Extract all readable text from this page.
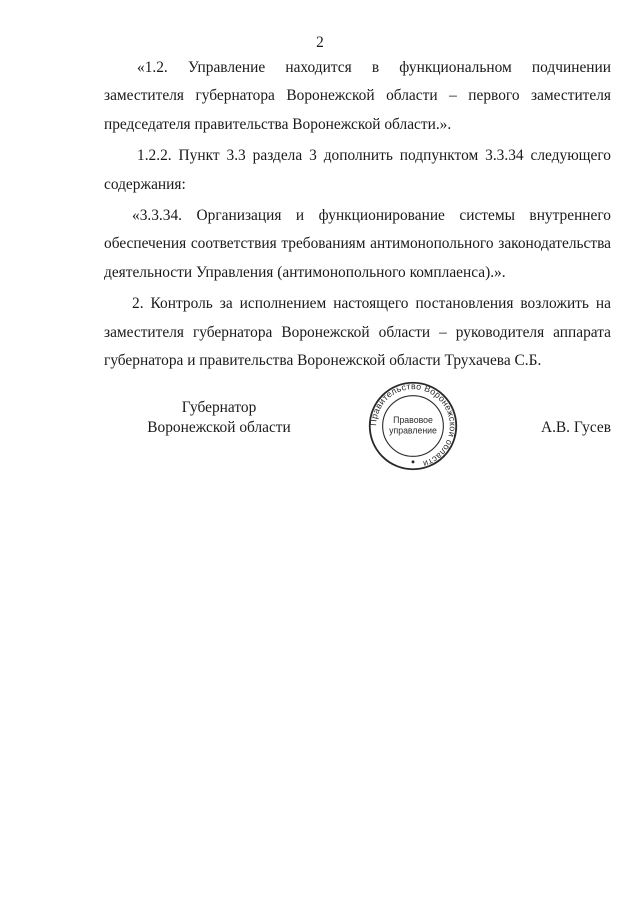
2

«1.2. Управление находится в функциональном подчинении заместителя губернатора Воронежской области – первого заместителя председателя правительства Воронежской области.».

1.2.2. Пункт 3.3 раздела 3 дополнить подпунктом 3.3.34 следующего содержания:

«3.3.34. Организация и функционирование системы внутреннего обеспечения соответствия требованиям антимонопольного законодательства деятельности Управления (антимонопольного комплаенса).».

2. Контроль за исполнением настоящего постановления возложить на заместителя губернатора Воронежской области – руководителя аппарата губернатора и правительства Воронежской области Трухачева С.Б.

Губернатор
Воронежской области	Правительство Воронежской области
Правовое
управление	А.В. Гусев
